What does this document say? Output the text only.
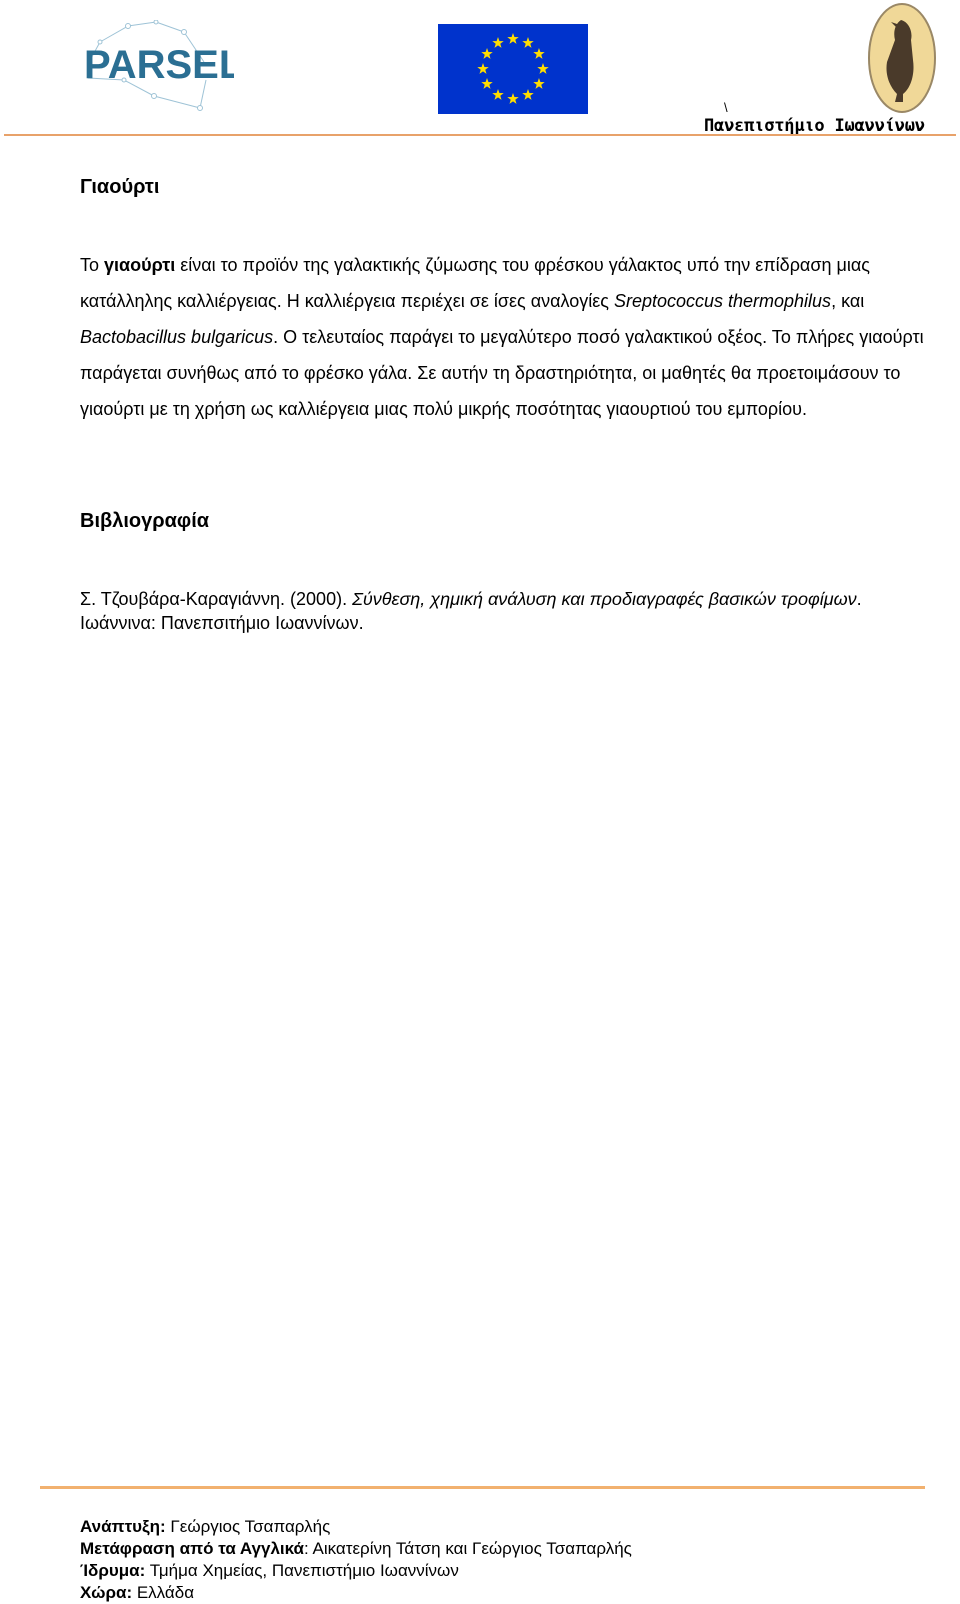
PARSEL
\
Πανεπιστήμιο Ιωαννίνων
Γιαούρτι

Το γιαούρτι είναι το προϊόν της γαλακτικής ζύμωσης του φρέσκου γάλακτος υπό την επίδραση μιας κατάλληλης καλλιέργειας. Η καλλιέργεια περιέχει σε ίσες αναλογίες Sreptococcus thermophilus, και Bactobacillus bulgaricus. Ο τελευταίος παράγει το μεγαλύτερο ποσό γαλακτικού οξέος. Το πλήρες γιαούρτι παράγεται συνήθως από το φρέσκο γάλα. Σε αυτήν τη δραστηριότητα, οι μαθητές θα προετοιμάσουν το γιαούρτι με τη χρήση ως καλλιέργεια μιας πολύ μικρής ποσότητας γιαουρτιού του εμπορίου.

Βιβλιογραφία

Σ. Τζουβάρα-Καραγιάννη. (2000). Σύνθεση, χημική ανάλυση και προδιαγραφές βασικών τροφίμων. Ιωάννινα: Πανεπσιτήμιο Ιωαννίνων.

Ανάπτυξη: Γεώργιος Τσαπαρλής
Μετάφραση από τα Αγγλικά: Αικατερίνη Τάτση και Γεώργιος Τσαπαρλής
Ίδρυμα: Τμήμα Χημείας, Πανεπιστήμιο Ιωαννίνων
Χώρα: Ελλάδα
